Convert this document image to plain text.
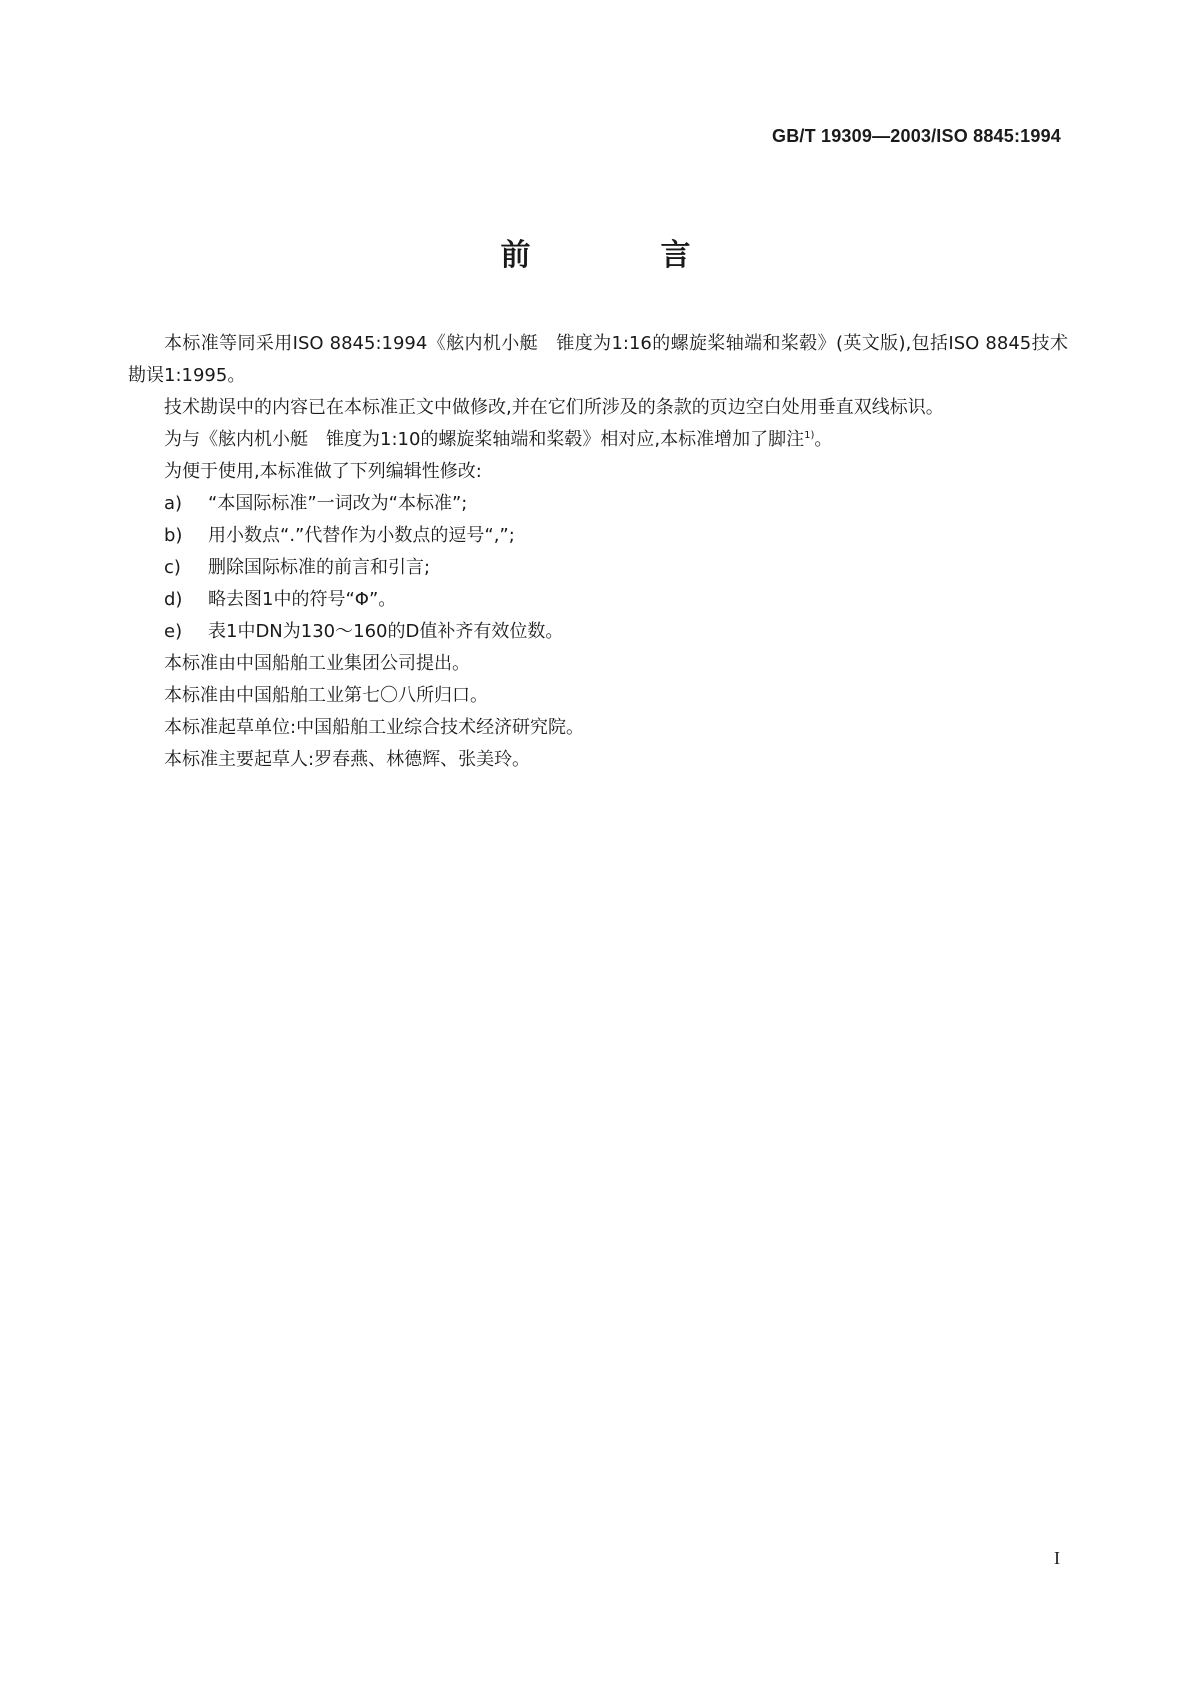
GB/T 19309—2003/ISO 8845:1994
前　言

本标准等同采用ISO 8845:1994《舷内机小艇　锥度为1:16的螺旋桨轴端和桨毂》(英文版),包括ISO 8845技术勘误1:1995。

技术勘误中的内容已在本标准正文中做修改,并在它们所涉及的条款的页边空白处用垂直双线标识。

为与《舷内机小艇　锥度为1:10的螺旋桨轴端和桨毂》相对应,本标准增加了脚注$^{1)}$。

为便于使用,本标准做了下列编辑性修改:

a) “本国际标准”一词改为“本标准”;

b) 用小数点“.”代替作为小数点的逗号“,”;

c) 删除国际标准的前言和引言;

d) 略去图1中的符号“Φ”。

e) 表1中DN为130～160的D值补齐有效位数。

本标准由中国船舶工业集团公司提出。

本标准由中国船舶工业第七〇八所归口。

本标准起草单位:中国船舶工业综合技术经济研究院。

本标准主要起草人:罗春燕、林德辉、张美玲。

I
